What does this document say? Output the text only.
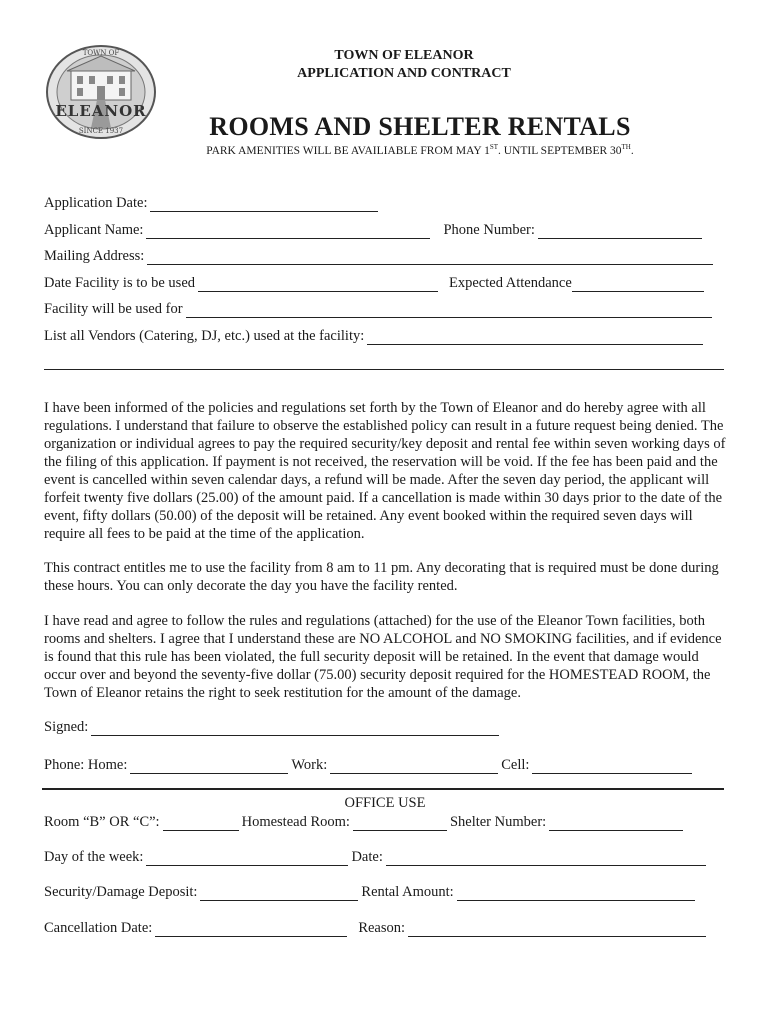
TOWN OF
ELEANOR
SINCE 1937
TOWN OF ELEANOR
APPLICATION AND CONTRACT
ROOMS AND SHELTER RENTALS
PARK AMENITIES WILL BE AVAILIABLE FROM MAY 1ST. UNTIL SEPTEMBER 30TH.
Application Date:
Applicant Name:	Phone Number:
Mailing Address:
Date Facility is to be used	Expected Attendance
Facility will be used for
List all Vendors (Catering, DJ, etc.) used at the facility:
I have been informed of the policies and regulations set forth by the Town of Eleanor and do hereby agree with all regulations. I understand that failure to observe the established policy can result in a future request being denied. The organization or individual agrees to pay the required security/key deposit and rental fee within seven working days of the filing of this application. If payment is not received, the reservation will be void. If the fee has been paid and the event is cancelled within seven calendar days, a refund will be made. After the seven day period, the applicant will forfeit twenty five dollars (25.00) of the amount paid. If a cancellation is made within 30 days prior to the date of the event, fifty dollars (50.00) of the deposit will be retained. Any event booked within the required seven days will require all fees to be paid at the time of the application.
This contract entitles me to use the facility from 8 am to 11 pm. Any decorating that is required must be done during these hours. You can only decorate the day you have the facility rented.
I have read and agree to follow the rules and regulations (attached) for the use of the Eleanor Town facilities, both rooms and shelters. I agree that I understand these are NO ALCOHOL and NO SMOKING facilities, and if evidence is found that this rule has been violated, the full security deposit will be retained. In the event that damage would occur over and beyond the seventy-five dollar (75.00) security deposit required for the HOMESTEAD ROOM, the Town of Eleanor retains the right to seek restitution for the amount of the damage.
Signed:
Phone: Home:	Work:	Cell:
OFFICE USE
Room “B” OR “C”:	Homestead Room:	Shelter Number:
Day of the week:	Date:
Security/Damage Deposit:	Rental Amount:
Cancellation Date:	Reason:
